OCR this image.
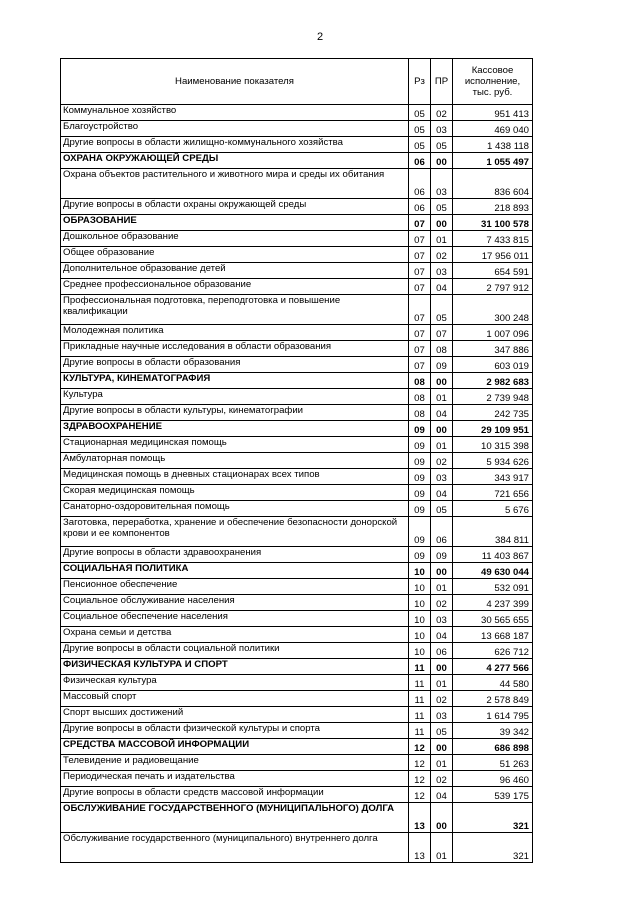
2
Наименование показателя	Рз	ПР	Кассовое исполнение, тыс. руб.
Коммунальное хозяйство	05	02	951 413
Благоустройство	05	03	469 040
Другие вопросы в области жилищно-коммунального хозяйства	05	05	1 438 118
ОХРАНА ОКРУЖАЮЩЕЙ СРЕДЫ	06	00	1 055 497
Охрана объектов растительного и животного мира и среды их обитания	06	03	836 604
Другие вопросы в области охраны окружающей среды	06	05	218 893
ОБРАЗОВАНИЕ	07	00	31 100 578
Дошкольное образование	07	01	7 433 815
Общее образование	07	02	17 956 011
Дополнительное образование детей	07	03	654 591
Среднее профессиональное образование	07	04	2 797 912
Профессиональная подготовка, переподготовка и повышение квалификации	07	05	300 248
Молодежная политика	07	07	1 007 096
Прикладные научные исследования в области образования	07	08	347 886
Другие вопросы в области образования	07	09	603 019
КУЛЬТУРА, КИНЕМАТОГРАФИЯ	08	00	2 982 683
Культура	08	01	2 739 948
Другие вопросы в области культуры, кинематографии	08	04	242 735
ЗДРАВООХРАНЕНИЕ	09	00	29 109 951
Стационарная медицинская помощь	09	01	10 315 398
Амбулаторная помощь	09	02	5 934 626
Медицинская помощь в дневных стационарах всех типов	09	03	343 917
Скорая медицинская помощь	09	04	721 656
Санаторно-оздоровительная помощь	09	05	5 676
Заготовка, переработка, хранение и обеспечение безопасности донорской крови и ее компонентов	09	06	384 811
Другие вопросы в области здравоохранения	09	09	11 403 867
СОЦИАЛЬНАЯ ПОЛИТИКА	10	00	49 630 044
Пенсионное обеспечение	10	01	532 091
Социальное обслуживание населения	10	02	4 237 399
Социальное обеспечение населения	10	03	30 565 655
Охрана семьи и детства	10	04	13 668 187
Другие вопросы в области социальной политики	10	06	626 712
ФИЗИЧЕСКАЯ КУЛЬТУРА И СПОРТ	11	00	4 277 566
Физическая культура	11	01	44 580
Массовый спорт	11	02	2 578 849
Спорт высших достижений	11	03	1 614 795
Другие вопросы в области физической культуры и спорта	11	05	39 342
СРЕДСТВА МАССОВОЙ ИНФОРМАЦИИ	12	00	686 898
Телевидение и радиовещание	12	01	51 263
Периодическая печать и издательства	12	02	96 460
Другие вопросы в области средств массовой информации	12	04	539 175
ОБСЛУЖИВАНИЕ ГОСУДАРСТВЕННОГО (МУНИЦИПАЛЬНОГО) ДОЛГА	13	00	321
Обслуживание государственного (муниципального) внутреннего долга	13	01	321
